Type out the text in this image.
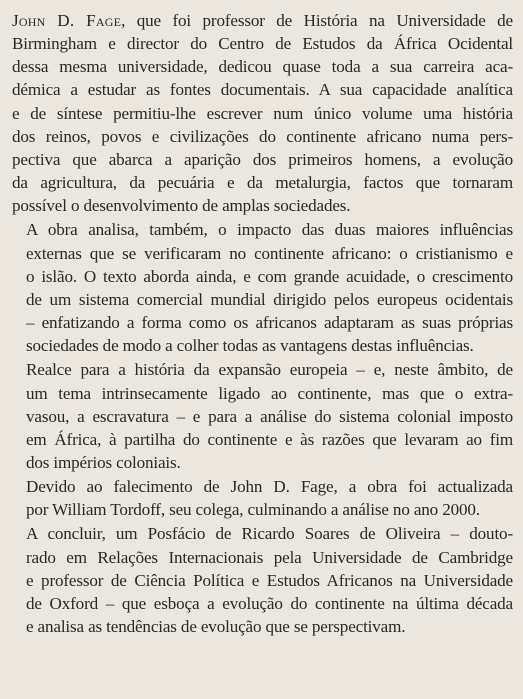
John D. Fage, que foi professor de História na Universidade de
Birmingham e director do Centro de Estudos da África Ocidental
dessa mesma universidade, dedicou quase toda a sua carreira aca-
démica a estudar as fontes documentais. A sua capacidade analítica
e de síntese permitiu-lhe escrever num único volume uma história
dos reinos, povos e civilizações do continente africano numa pers-
pectiva que abarca a aparição dos primeiros homens, a evolução
da agricultura, da pecuária e da metalurgia, factos que tornaram
possível o desenvolvimento de amplas sociedades.

A obra analisa, também, o impacto das duas maiores influências
externas que se verificaram no continente africano: o cristianismo e
o islão. O texto aborda ainda, e com grande acuidade, o crescimento
de um sistema comercial mundial dirigido pelos europeus ocidentais
– enfatizando a forma como os africanos adaptaram as suas próprias
sociedades de modo a colher todas as vantagens destas influências.

Realce para a história da expansão europeia – e, neste âmbito, de
um tema intrinsecamente ligado ao continente, mas que o extra-
vasou, a escravatura – e para a análise do sistema colonial imposto
em África, à partilha do continente e às razões que levaram ao fim
dos impérios coloniais.

Devido ao falecimento de John D. Fage, a obra foi actualizada
por William Tordoff, seu colega, culminando a análise no ano 2000.

A concluir, um Posfácio de Ricardo Soares de Oliveira – douto-
rado em Relações Internacionais pela Universidade de Cambridge
e professor de Ciência Política e Estudos Africanos na Universidade
de Oxford – que esboça a evolução do continente na última década
e analisa as tendências de evolução que se perspectivam.
